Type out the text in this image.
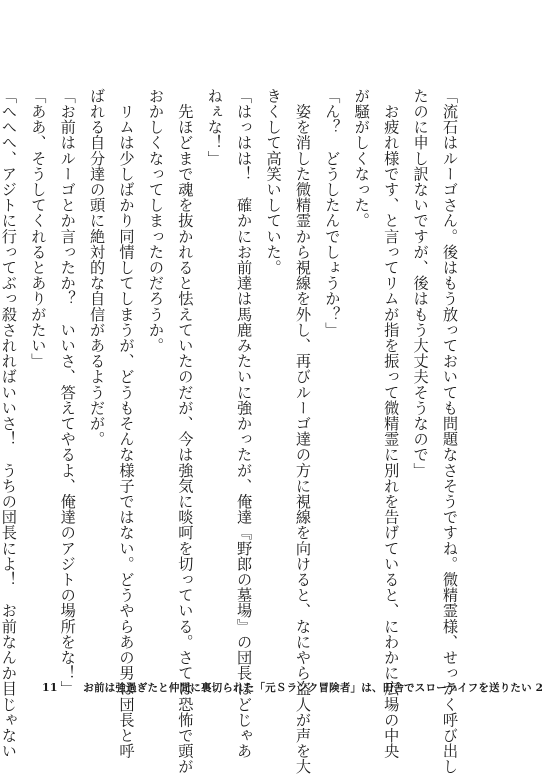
「流石はルーゴさん。後はもう放っておいても問題なさそうですね。微精霊様、せっかく呼び出し
たのに申し訳ないですが、後はもう大丈夫そうなので」
　お疲れ様です、と言ってリムが指を振って微精霊に別れを告げていると、にわかに広場の中央
が騒がしくなった。
「ん？　どうしたんでしょうか？」
　姿を消した微精霊から視線を外し、再びルーゴ達の方に視線を向けると、なにやら盗人が声を大
きくして高笑いしていた。
「はっはは！　確かにお前達は馬鹿みたいに強かったが、俺達『野郎の墓場』の団長ほどじゃあ
ねぇな！」
　先ほどまで魂を抜かれると怯えていたのだが、今は強気に啖呵を切っている。さては恐怖で頭が
おかしくなってしまったのだろうか。
　リムは少しばかり同情してしまうが、どうもそんな様子ではない。どうやらあの男は団長と呼
ばれる自分達の頭に絶対的な自信があるようだが。
「お前はルーゴとか言ったか？　いいさ、答えてやるよ、俺達のアジトの場所をな！」
「ああ、そうしてくれるとありがたい」
「へへへ、アジトに行ってぶっ殺されればいいさ！　うちの団長によ！　お前なんか目じゃない	11 お前は強過ぎたと仲間に裏切られた「元Ｓランク冒険者」は、田舎でスローライフを送りたい 2
